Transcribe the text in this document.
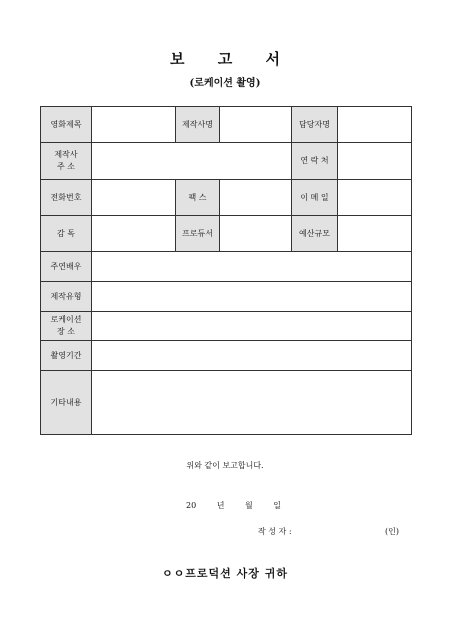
보 고 서
(로케이션 촬영)
영화제목		제작사명		담당자명	

제작사
주 소				연 락 처	

전화번호		팩 스		이 메 일	

감 독		프로듀서		예산규모	

주연배우					

제작유형					

로케이션
장 소					

촬영기간					

기타내용					

위와 같이 보고합니다.
20	년	월	일
작 성 자 :	(인)
ㅇㅇ프로덕션 사장 귀하
